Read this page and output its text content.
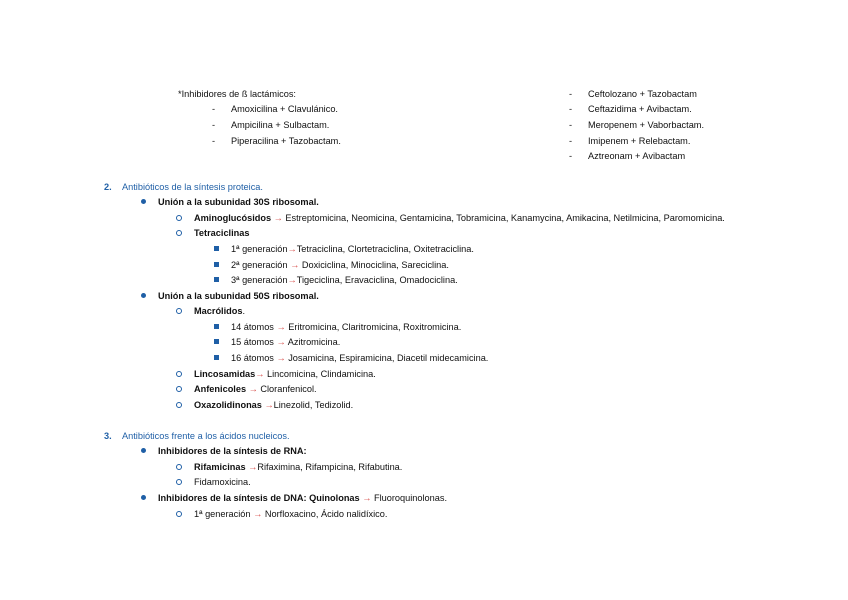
*Inhibidores de ß lactámicos:
- Amoxicilina + Clavulánico.
- Ampicilina + Sulbactam.
- Piperacilina + Tazobactam.
- Ceftolozano + Tazobactam
- Ceftazidima + Avibactam.
- Meropenem + Vaborbactam.
- Imipenem + Relebactam.
- Aztreonam + Avibactam
2. Antibióticos de la síntesis proteica.
Unión a la subunidad 30S ribosomal.
Aminoglucósidos → Estreptomicina, Neomicina, Gentamicina, Tobramicina, Kanamycina, Amikacina, Netilmicina, Paromomicina.
Tetraciclinas
1ª generación→Tetraciclina, Clortetraciclina, Oxitetraciclina.
2ª generación → Doxiciclina, Minociclina, Sareciclina.
3ª generación→Tigeciclina, Eravaciclina, Omadociclina.
Unión a la subunidad 50S ribosomal.
Macrólidos.
14 átomos → Eritromicina, Claritromicina, Roxitromicina.
15 átomos → Azitromicina.
16 átomos → Josamicina, Espiramicina, Diacetil midecamicina.
Lincosamidas→ Lincomicina, Clindamicina.
Anfenicoles → Cloranfenicol.
Oxazolidinonas →Linezolid, Tedizolid.
3. Antibióticos frente a los ácidos nucleicos.
Inhibidores de la síntesis de RNA:
Rifamicinas →Rifaximina, Rifampicina, Rifabutina.
Fidamoxicina.
Inhibidores de la síntesis de DNA: Quinolonas → Fluoroquinolonas.
1ª generación → Norfloxacino, Ácido nalidíxico.
